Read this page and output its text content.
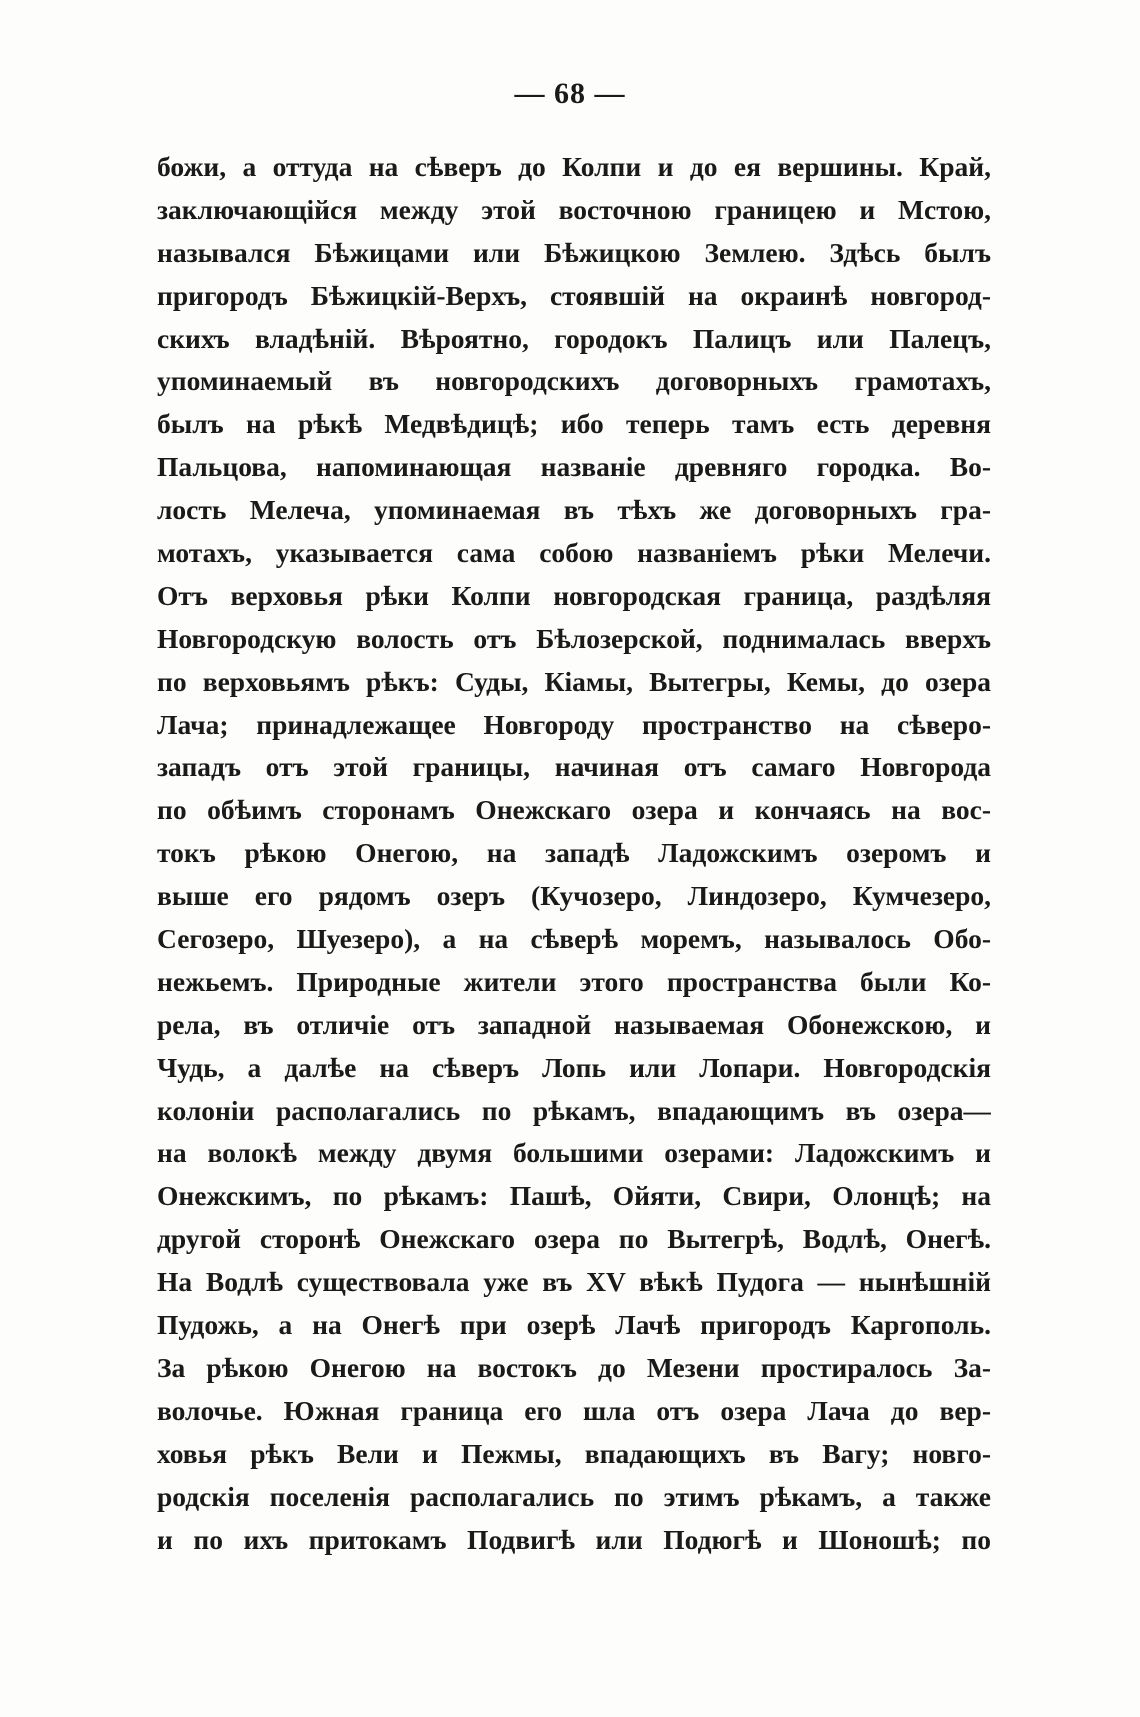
— 68 —
божи, а оттуда на сѣверъ до Колпи и до ея вершины. Край,
заключающійся между этой восточною границею и Мстою,
назывался Бѣжицами или Бѣжицкою Землею. Здѣсь былъ
пригородъ Бѣжицкій-Верхъ, стоявшій на окраинѣ новгород-
скихъ владѣній. Вѣроятно, городокъ Палицъ или Палецъ,
упоминаемый въ новгородскихъ договорныхъ грамотахъ,
былъ на рѣкѣ Медвѣдицѣ; ибо теперь тамъ есть деревня
Пальцова, напоминающая названіе древняго городка. Во-
лость Мелеча, упоминаемая въ тѣхъ же договорныхъ гра-
мотахъ, указывается сама собою названіемъ рѣки Мелечи.
Отъ верховья рѣки Колпи новгородская граница, раздѣляя
Новгородскую волость отъ Бѣлозерской, поднималась вверхъ
по верховьямъ рѣкъ: Суды, Кіамы, Вытегры, Кемы, до озера
Лача; принадлежащее Новгороду пространство на сѣверо-
западъ отъ этой границы, начиная отъ самаго Новгорода
по обѣимъ сторонамъ Онежскаго озера и кончаясь на вос-
токъ рѣкою Онегою, на западѣ Ладожскимъ озеромъ и
выше его рядомъ озеръ (Кучозеро, Линдозеро, Кумчезеро,
Сегозеро, Шуезеро), а на сѣверѣ моремъ, называлось Обо-
нежьемъ. Природные жители этого пространства были Ко-
рела, въ отличіе отъ западной называемая Обонежскою, и
Чудь, а далѣе на сѣверъ Лопь или Лопари. Новгородскія
колоніи располагались по рѣкамъ, впадающимъ въ озера—
на волокѣ между двумя большими озерами: Ладожскимъ и
Онежскимъ, по рѣкамъ: Пашѣ, Ойяти, Свири, Олонцѣ; на
другой сторонѣ Онежскаго озера по Вытегрѣ, Водлѣ, Онегѣ.
На Водлѣ существовала уже въ XV вѣкѣ Пудога — нынѣшній
Пудожь, а на Онегѣ при озерѣ Лачѣ пригородъ Каргополь.
За рѣкою Онегою на востокъ до Мезени простиралось За-
волочье. Южная граница его шла отъ озера Лача до вер-
ховья рѣкъ Вели и Пежмы, впадающихъ въ Вагу; новго-
родскія поселенія располагались по этимъ рѣкамъ, а также
и по ихъ притокамъ Подвигѣ или Подюгѣ и Шоношѣ; по
